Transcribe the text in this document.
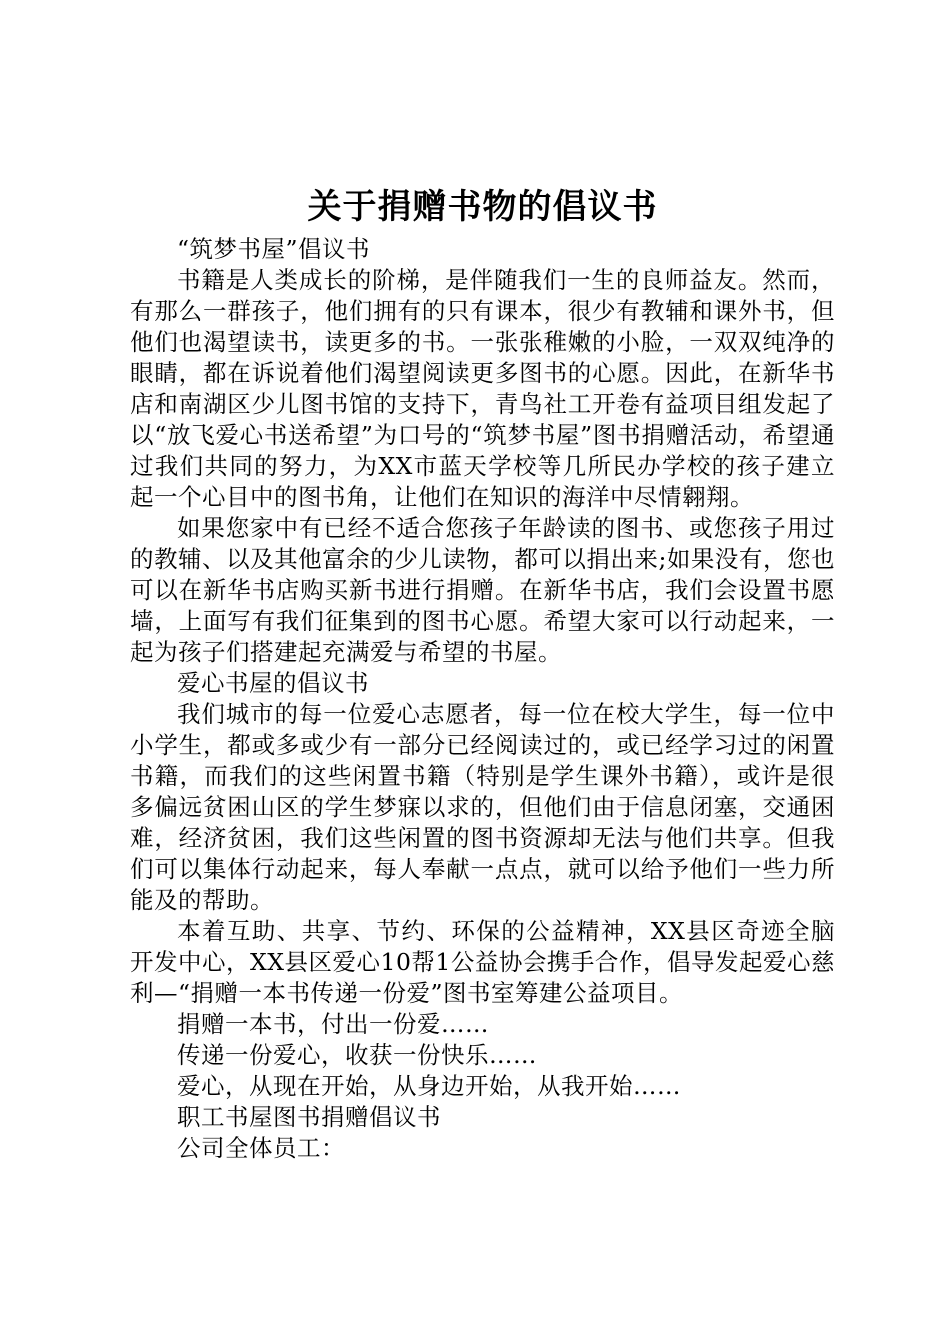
关于捐赠书物的倡议书

“筑梦书屋”倡议书

书籍是人类成长的阶梯，是伴随我们一生的良师益友。然而，有那么一群孩子，他们拥有的只有课本，很少有教辅和课外书，但他们也渴望读书，读更多的书。一张张稚嫩的小脸，一双双纯净的眼睛，都在诉说着他们渴望阅读更多图书的心愿。因此，在新华书店和南湖区少儿图书馆的支持下，青鸟社工开卷有益项目组发起了以“放飞爱心书送希望”为口号的“筑梦书屋”图书捐赠活动，希望通过我们共同的努力，为XX市蓝天学校等几所民办学校的孩子建立起一个心目中的图书角，让他们在知识的海洋中尽情翱翔。

如果您家中有已经不适合您孩子年龄读的图书、或您孩子用过的教辅、以及其他富余的少儿读物，都可以捐出来;如果没有，您也可以在新华书店购买新书进行捐赠。在新华书店，我们会设置书愿墙，上面写有我们征集到的图书心愿。希望大家可以行动起来，一起为孩子们搭建起充满爱与希望的书屋。

爱心书屋的倡议书

我们城市的每一位爱心志愿者，每一位在校大学生，每一位中小学生，都或多或少有一部分已经阅读过的，或已经学习过的闲置书籍，而我们的这些闲置书籍（特别是学生课外书籍），或许是很多偏远贫困山区的学生梦寐以求的，但他们由于信息闭塞，交通困难，经济贫困，我们这些闲置的图书资源却无法与他们共享。但我们可以集体行动起来，每人奉献一点点，就可以给予他们一些力所能及的帮助。

本着互助、共享、节约、环保的公益精神，XX县区奇迹全脑开发中心，XX县区爱心10帮1公益协会携手合作，倡导发起爱心慈利—“捐赠一本书传递一份爱”图书室筹建公益项目。

捐赠一本书，付出一份爱……

传递一份爱心，收获一份快乐……

爱心，从现在开始，从身边开始，从我开始……

职工书屋图书捐赠倡议书

公司全体员工：
